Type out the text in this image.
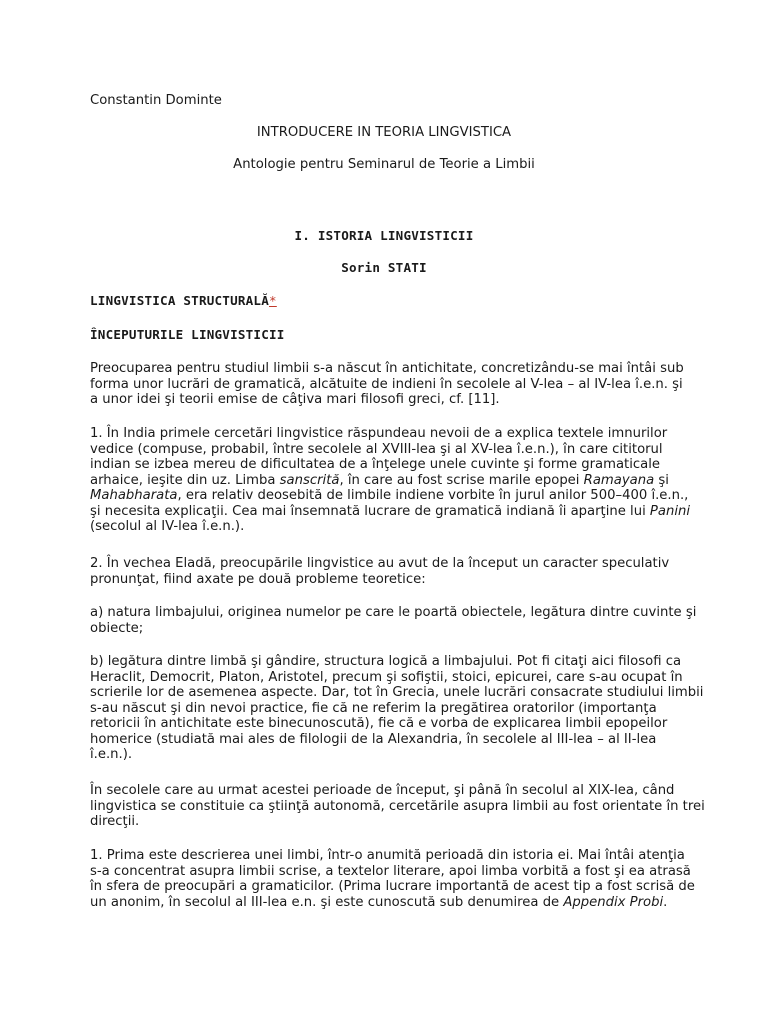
Constantin Dominte

INTRODUCERE IN TEORIA LINGVISTICA

Antologie pentru Seminarul de Teorie a Limbii

I. ISTORIA LINGVISTICII

Sorin STATI

LINGVISTICA STRUCTURALĂ*

ÎNCEPUTURILE LINGVISTICII

Preocuparea pentru studiul limbii s-a născut în antichitate, concretizându-se mai întâi sub
forma unor lucrări de gramatică, alcătuite de indieni în secolele al V-lea – al IV-lea î.e.n. şi
a unor idei şi teorii emise de câţiva mari filosofi greci, cf. [11].
1. În India primele cercetări lingvistice răspundeau nevoii de a explica textele imnurilor
vedice (compuse, probabil, între secolele al XVIII-lea şi al XV-lea î.e.n.), în care cititorul
indian se izbea mereu de dificultatea de a înţelege unele cuvinte şi forme gramaticale
arhaice, ieşite din uz. Limba sanscrită, în care au fost scrise marile epopei Ramayana şi
Mahabharata, era relativ deosebită de limbile indiene vorbite în jurul anilor 500–400 î.e.n.,
şi necesita explicaţii. Cea mai însemnată lucrare de gramatică indiană îi aparţine lui Panini
(secolul al IV-lea î.e.n.).
2. În vechea Eladă, preocupările lingvistice au avut de la început un caracter speculativ
pronunţat, fiind axate pe două probleme teoretice:
a) natura limbajului, originea numelor pe care le poartă obiectele, legătura dintre cuvinte şi
obiecte;
b) legătura dintre limbă şi gândire, structura logică a limbajului. Pot fi citaţi aici filosofi ca
Heraclit, Democrit, Platon, Aristotel, precum şi sofiştii, stoici, epicurei, care s-au ocupat în
scrierile lor de asemenea aspecte. Dar, tot în Grecia, unele lucrări consacrate studiului limbii
s-au născut şi din nevoi practice, fie că ne referim la pregătirea oratorilor (importanţa
retoricii în antichitate este binecunoscută), fie că e vorba de explicarea limbii epopeilor
homerice (studiată mai ales de filologii de la Alexandria, în secolele al III-lea – al II-lea
î.e.n.).
În secolele care au urmat acestei perioade de început, şi până în secolul al XIX-lea, când
lingvistica se constituie ca ştiinţă autonomă, cercetările asupra limbii au fost orientate în trei
direcţii.
1. Prima este descrierea unei limbi, într-o anumită perioadă din istoria ei. Mai întâi atenţia
s-a concentrat asupra limbii scrise, a textelor literare, apoi limba vorbită a fost şi ea atrasă
în sfera de preocupări a gramaticilor. (Prima lucrare importantă de acest tip a fost scrisă de
un anonim, în secolul al III-lea e.n. şi este cunoscută sub denumirea de Appendix Probi.
